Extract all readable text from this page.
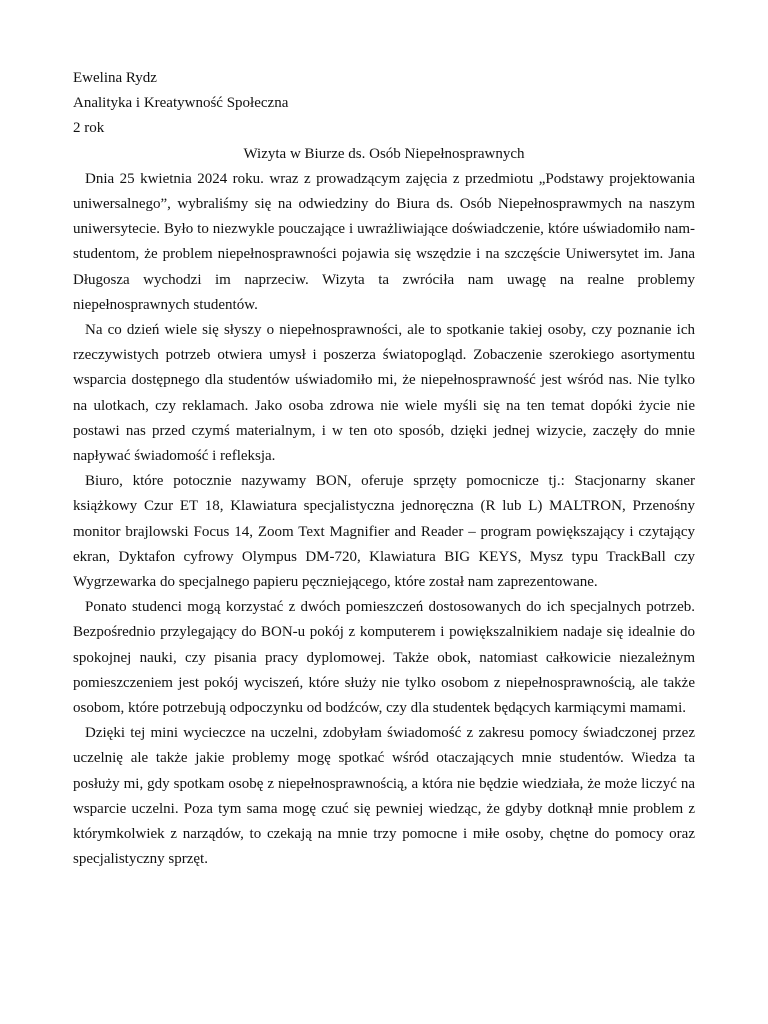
Ewelina Rydz

Analityka i Kreatywność Społeczna

2 rok

Wizyta w Biurze ds. Osób Niepełnosprawnych

Dnia 25 kwietnia 2024 roku. wraz z prowadzącym zajęcia z przedmiotu „Podstawy projektowania uniwersalnego”, wybraliśmy się na odwiedziny do Biura ds. Osób Niepełnosprawmych na naszym uniwersytecie. Było to niezwykle pouczające i uwrażliwiające doświadczenie, które uświadomiło nam- studentom, że problem niepełnosprawności pojawia się wszędzie i na szczęście Uniwersytet im. Jana Długosza wychodzi im naprzeciw. Wizyta ta zwróciła nam uwagę na realne problemy niepełnosprawnych studentów.

Na co dzień wiele się słyszy o niepełnosprawności, ale to spotkanie takiej osoby, czy poznanie ich rzeczywistych potrzeb otwiera umysł i poszerza światopogląd. Zobaczenie szerokiego asortymentu wsparcia dostępnego dla studentów uświadomiło mi, że niepełnosprawność jest wśród nas. Nie tylko na ulotkach, czy reklamach. Jako osoba zdrowa nie wiele myśli się na ten temat dopóki życie nie postawi nas przed czymś materialnym, i w ten oto sposób, dzięki jednej wizycie, zaczęły do mnie napływać świadomość i refleksja.

Biuro, które potocznie nazywamy BON, oferuje sprzęty pomocnicze tj.: Stacjonarny skaner książkowy Czur ET 18, Klawiatura specjalistyczna jednoręczna (R lub L) MALTRON, Przenośny monitor brajlowski Focus 14, Zoom Text Magnifier and Reader – program powiększający i czytający ekran, Dyktafon cyfrowy Olympus DM-720, Klawiatura BIG KEYS, Mysz typu TrackBall czy Wygrzewarka do specjalnego papieru pęczniejącego, które został nam zaprezentowane.

Ponato studenci mogą korzystać z dwóch pomieszczeń dostosowanych do ich specjalnych potrzeb. Bezpośrednio przylegający do BON-u pokój z komputerem i powiększalnikiem nadaje się idealnie do spokojnej nauki, czy pisania pracy dyplomowej. Także obok, natomiast całkowicie niezależnym pomieszczeniem jest pokój wyciszeń, które służy nie tylko osobom z niepełnosprawnością, ale także osobom, które potrzebują odpoczynku od bodźców, czy dla studentek będących karmiącymi mamami.

Dzięki tej mini wycieczce na uczelni, zdobyłam świadomość z zakresu pomocy świadczonej przez uczelnię ale także jakie problemy mogę spotkać wśród otaczających mnie studentów. Wiedza ta posłuży mi, gdy spotkam osobę z niepełnosprawnością, a która nie będzie wiedziała, że może liczyć na wsparcie uczelni. Poza tym sama mogę czuć się pewniej wiedząc, że gdyby dotknął mnie problem z którymkolwiek z narządów, to czekają na mnie trzy pomocne i miłe osoby, chętne do pomocy oraz specjalistyczny sprzęt.
